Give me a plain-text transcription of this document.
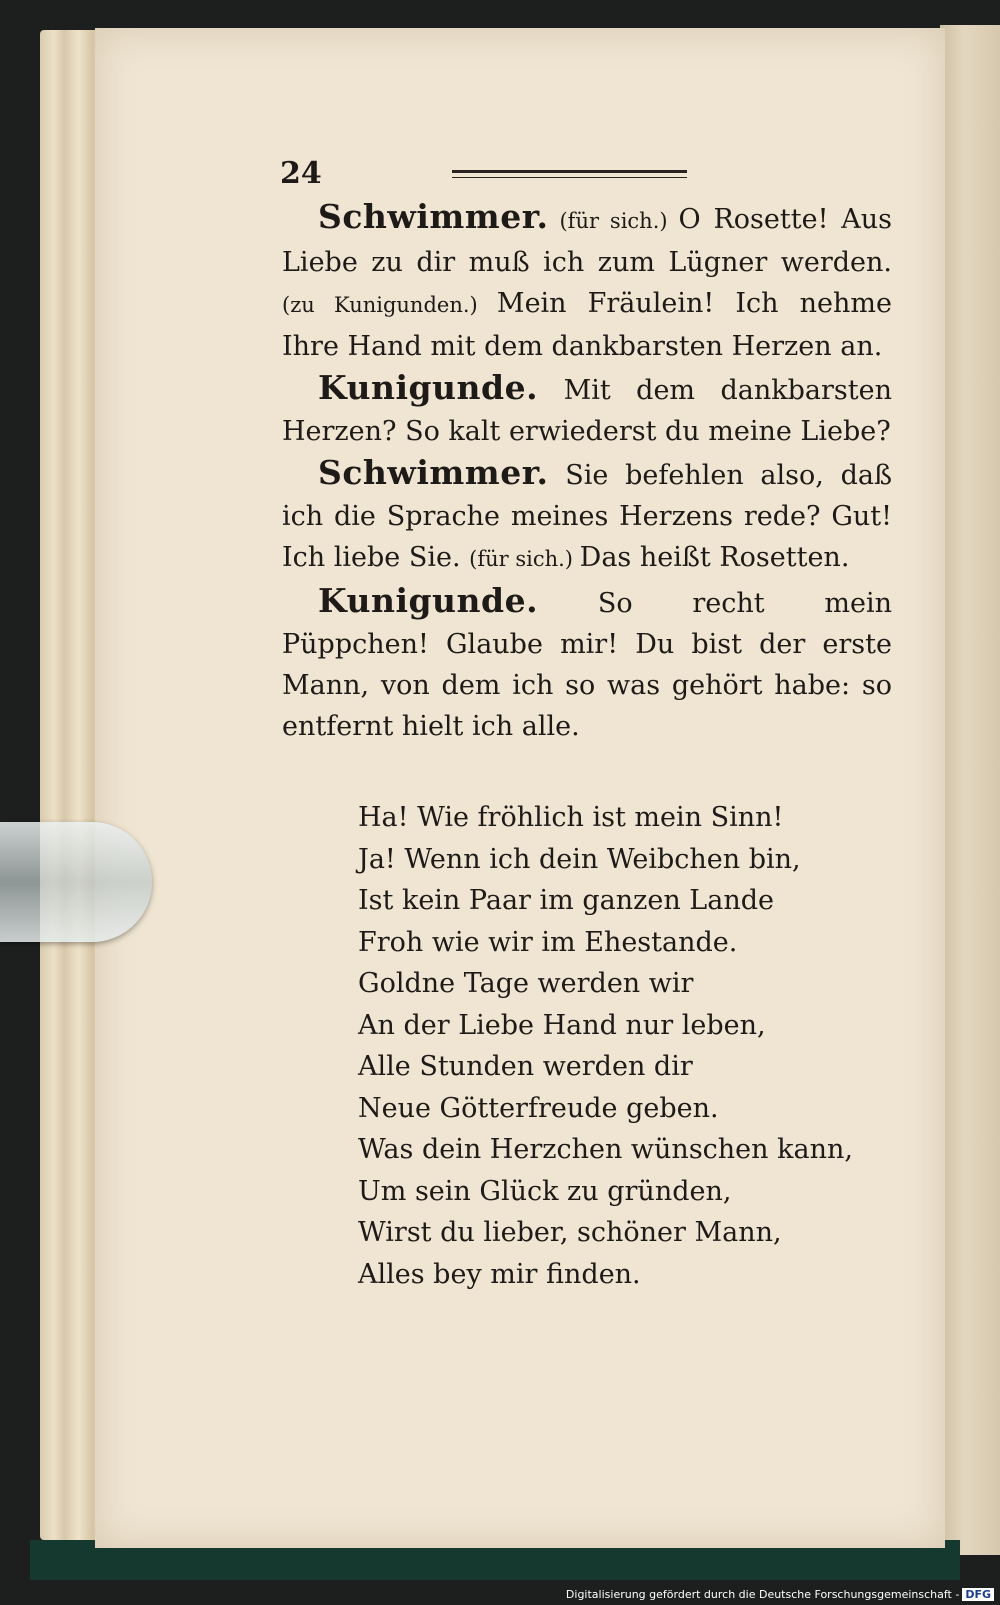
24

Schwimmer. (für sich.) O Rosette! Aus Liebe zu dir muß ich zum Lügner werden. (zu Kunigunden.) Mein Fräulein! Ich nehme Ihre Hand mit dem dankbarsten Herzen an.

Kunigunde. Mit dem dankbarsten Herzen? So kalt erwiederst du meine Liebe?

Schwimmer. Sie befehlen also, daß ich die Sprache meines Herzens rede? Gut! Ich liebe Sie. (für sich.) Das heißt Rosetten.

Kunigunde. So recht mein Püppchen! Glaube mir! Du bist der erste Mann, von dem ich so was gehört habe: so entfernt hielt ich alle.

Ha! Wie fröhlich ist mein Sinn!
Ja! Wenn ich dein Weibchen bin,
Ist kein Paar im ganzen Lande
Froh wie wir im Ehestande.
Goldne Tage werden wir
An der Liebe Hand nur leben,
Alle Stunden werden dir
Neue Götterfreude geben.
Was dein Herzchen wünschen kann,
Um sein Glück zu gründen,
Wirst du lieber, schöner Mann,
Alles bey mir finden.
Digitalisierung gefördert durch die Deutsche Forschungsgemeinschaft - DFG
